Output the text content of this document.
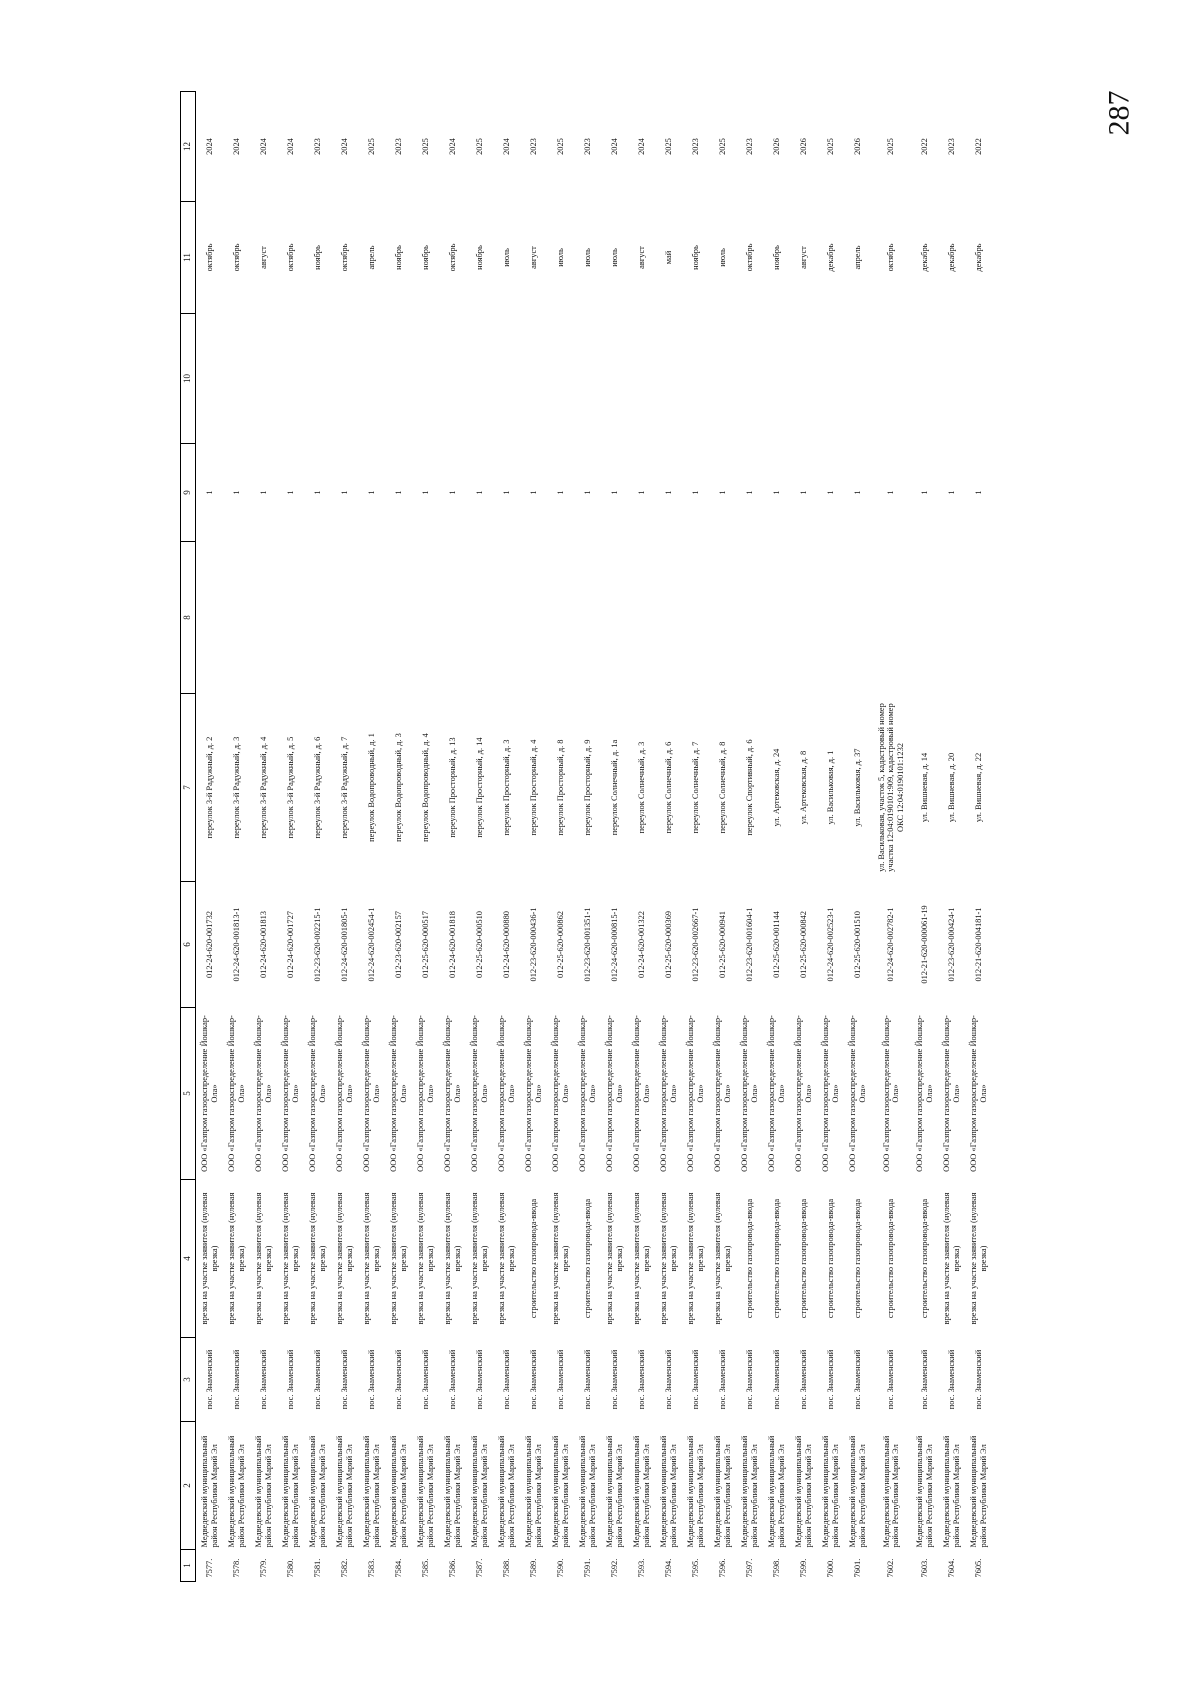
287
1	2	3	4	5	6	7	8	9	10	11	12
7577.	Медведевский муниципальный район Республики Марий Эл	пос. Знаменский	врезка на участке заявителя (нулевая врезка)	ООО «Газпром газораспределение Йошкар-Ола»	012-24-620-001732	переулок 3-й Радужный, д. 2		1		октябрь	2024
7578.	Медведевский муниципальный район Республики Марий Эл	пос. Знаменский	врезка на участке заявителя (нулевая врезка)	ООО «Газпром газораспределение Йошкар-Ола»	012-24-620-001813-1	переулок 3-й Радужный, д. 3		1		октябрь	2024
7579.	Медведевский муниципальный район Республики Марий Эл	пос. Знаменский	врезка на участке заявителя (нулевая врезка)	ООО «Газпром газораспределение Йошкар-Ола»	012-24-620-001813	переулок 3-й Радужный, д. 4		1		август	2024
7580.	Медведевский муниципальный район Республики Марий Эл	пос. Знаменский	врезка на участке заявителя (нулевая врезка)	ООО «Газпром газораспределение Йошкар-Ола»	012-24-620-001727	переулок 3-й Радужный, д. 5		1		октябрь	2024
7581.	Медведевский муниципальный район Республики Марий Эл	пос. Знаменский	врезка на участке заявителя (нулевая врезка)	ООО «Газпром газораспределение Йошкар-Ола»	012-23-620-002215-1	переулок 3-й Радужный, д. 6		1		ноябрь	2023
7582.	Медведевский муниципальный район Республики Марий Эл	пос. Знаменский	врезка на участке заявителя (нулевая врезка)	ООО «Газпром газораспределение Йошкар-Ола»	012-24-620-001805-1	переулок 3-й Радужный, д. 7		1		октябрь	2024
7583.	Медведевский муниципальный район Республики Марий Эл	пос. Знаменский	врезка на участке заявителя (нулевая врезка)	ООО «Газпром газораспределение Йошкар-Ола»	012-24-620-002454-1	переулок Водопроводный, д. 1		1		апрель	2025
7584.	Медведевский муниципальный район Республики Марий Эл	пос. Знаменский	врезка на участке заявителя (нулевая врезка)	ООО «Газпром газораспределение Йошкар-Ола»	012-23-620-002157	переулок Водопроводный, д. 3		1		ноябрь	2023
7585.	Медведевский муниципальный район Республики Марий Эл	пос. Знаменский	врезка на участке заявителя (нулевая врезка)	ООО «Газпром газораспределение Йошкар-Ола»	012-25-620-000517	переулок Водопроводный, д. 4		1		ноябрь	2025
7586.	Медведевский муниципальный район Республики Марий Эл	пос. Знаменский	врезка на участке заявителя (нулевая врезка)	ООО «Газпром газораспределение Йошкар-Ола»	012-24-620-001818	переулок Просторный, д. 13		1		октябрь	2024
7587.	Медведевский муниципальный район Республики Марий Эл	пос. Знаменский	врезка на участке заявителя (нулевая врезка)	ООО «Газпром газораспределение Йошкар-Ола»	012-25-620-000510	переулок Просторный, д. 14		1		ноябрь	2025
7588.	Медведевский муниципальный район Республики Марий Эл	пос. Знаменский	врезка на участке заявителя (нулевая врезка)	ООО «Газпром газораспределение Йошкар-Ола»	012-24-620-000880	переулок Просторный, д. 3		1		июль	2024
7589.	Медведевский муниципальный район Республики Марий Эл	пос. Знаменский	строительство газопровода-ввода	ООО «Газпром газораспределение Йошкар-Ола»	012-23-620-000436-1	переулок Просторный, д. 4		1		август	2023
7590.	Медведевский муниципальный район Республики Марий Эл	пос. Знаменский	врезка на участке заявителя (нулевая врезка)	ООО «Газпром газораспределение Йошкар-Ола»	012-25-620-000862	переулок Просторный, д. 8		1		июль	2025
7591.	Медведевский муниципальный район Республики Марий Эл	пос. Знаменский	строительство газопровода-ввода	ООО «Газпром газораспределение Йошкар-Ола»	012-23-620-001351-1	переулок Просторный, д. 9		1		июль	2023
7592.	Медведевский муниципальный район Республики Марий Эл	пос. Знаменский	врезка на участке заявителя (нулевая врезка)	ООО «Газпром газораспределение Йошкар-Ола»	012-24-620-000815-1	переулок Солнечный, д. 1а		1		июль	2024
7593.	Медведевский муниципальный район Республики Марий Эл	пос. Знаменский	врезка на участке заявителя (нулевая врезка)	ООО «Газпром газораспределение Йошкар-Ола»	012-24-620-001322	переулок Солнечный, д. 3		1		август	2024
7594.	Медведевский муниципальный район Республики Марий Эл	пос. Знаменский	врезка на участке заявителя (нулевая врезка)	ООО «Газпром газораспределение Йошкар-Ола»	012-25-620-000369	переулок Солнечный, д. 6		1		май	2025
7595.	Медведевский муниципальный район Республики Марий Эл	пос. Знаменский	врезка на участке заявителя (нулевая врезка)	ООО «Газпром газораспределение Йошкар-Ола»	012-23-620-002667-1	переулок Солнечный, д. 7		1		ноябрь	2023
7596.	Медведевский муниципальный район Республики Марий Эл	пос. Знаменский	врезка на участке заявителя (нулевая врезка)	ООО «Газпром газораспределение Йошкар-Ола»	012-25-620-000941	переулок Солнечный, д. 8		1		июль	2025
7597.	Медведевский муниципальный район Республики Марий Эл	пос. Знаменский	строительство газопровода-ввода	ООО «Газпром газораспределение Йошкар-Ола»	012-23-620-001604-1	переулок Спортивный, д. 6		1		октябрь	2023
7598.	Медведевский муниципальный район Республики Марий Эл	пос. Знаменский	строительство газопровода-ввода	ООО «Газпром газораспределение Йошкар-Ола»	012-25-620-001144	ул. Артековская, д. 24		1		ноябрь	2026
7599.	Медведевский муниципальный район Республики Марий Эл	пос. Знаменский	строительство газопровода-ввода	ООО «Газпром газораспределение Йошкар-Ола»	012-25-620-000842	ул. Артековская, д. 8		1		август	2026
7600.	Медведевский муниципальный район Республики Марий Эл	пос. Знаменский	строительство газопровода-ввода	ООО «Газпром газораспределение Йошкар-Ола»	012-24-620-002523-1	ул. Васильковая, д. 1		1		декабрь	2025
7601.	Медведевский муниципальный район Республики Марий Эл	пос. Знаменский	строительство газопровода-ввода	ООО «Газпром газораспределение Йошкар-Ола»	012-25-620-001510	ул. Васильковая, д. 37		1		апрель	2026
7602.	Медведевский муниципальный район Республики Марий Эл	пос. Знаменский	строительство газопровода-ввода	ООО «Газпром газораспределение Йошкар-Ола»	012-24-620-002782-1	ул. Васильковая, участок 5, кадастровый номер участка 12:04:0190101:909, кадастровый номер ОКС 12:04:0190101:1232		1		октябрь	2025
7603.	Медведевский муниципальный район Республики Марий Эл	пос. Знаменский	строительство газопровода-ввода	ООО «Газпром газораспределение Йошкар-Ола»	012-21-620-000061-19	ул. Вишневая, д. 14		1		декабрь	2022
7604.	Медведевский муниципальный район Республики Марий Эл	пос. Знаменский	врезка на участке заявителя (нулевая врезка)	ООО «Газпром газораспределение Йошкар-Ола»	012-23-620-000424-1	ул. Вишневая, д. 20		1		декабрь	2023
7605.	Медведевский муниципальный район Республики Марий Эл	пос. Знаменский	врезка на участке заявителя (нулевая врезка)	ООО «Газпром газораспределение Йошкар-Ола»	012-21-620-004181-1	ул. Вишневая, д. 22		1		декабрь	2022
